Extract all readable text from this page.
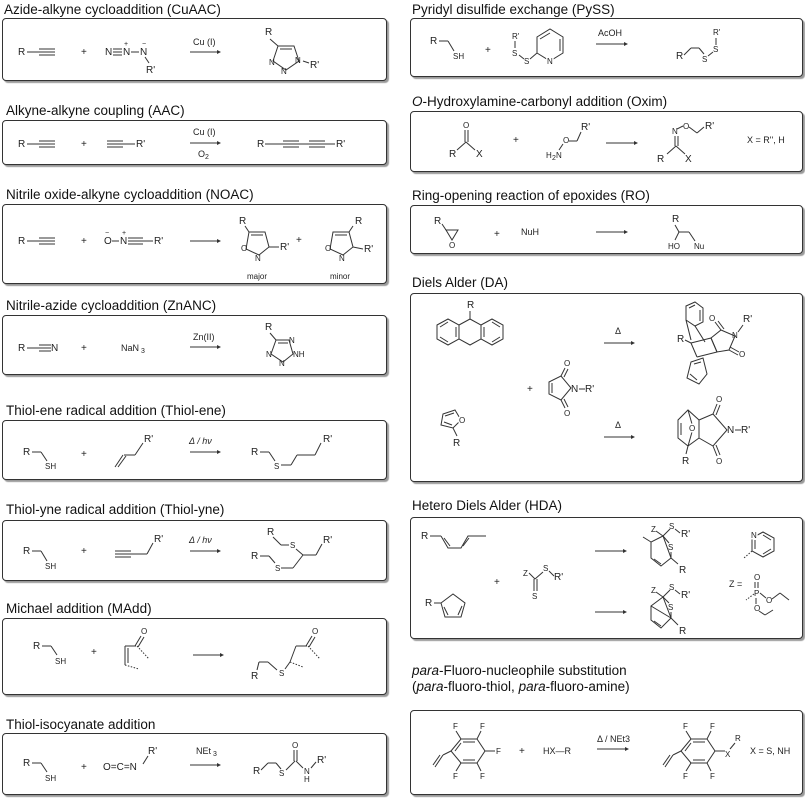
Azide-alkyne cycloaddition (CuAAC)
R	+ N N
+
N
−
R'
Cu (I)
R
N
N
N R'
Alkyne-alkyne coupling (AAC)
R	+	R'
Cu (I)
O 2
R	R'
Nitrile oxide-alkyne cycloaddition (NOAC)
R	+ O
−
N
+
R'
R
O
N
R'
major
+
R
O
N
R'
minor
Nitrile-azide cycloaddition (ZnANC)
R	N +	NaN 3
Zn(II)
R
N
NH
N
N
Thiol-ene radical addition (Thiol-ene)
R
SH
+
R'	Δ / hν
R
S
R'
Thiol-yne radical addition (Thiol-yne)
R
SH
+
R'	Δ / hν
R
S	R'
R
S
Michael addition (MAdd)
R
SH
+
O	O
S
R
Thiol-isocyanate addition
R
SH
+ O=C=N
R'	NEt 3
R S
O
N
H
R'
Pyridyl disulfide exchange (PySS)
R
SH
+
R'
S
S N
AcOH
R S
S
R'
O-Hydroxylamine-carbonyl addition (Oxim)
O
R X
+
H 2 N
O
R'	N
O R'
R X
X = R'', H
Ring-opening reaction of epoxides (RO)
R
O
+ NuH
R
HO Nu
Diels Alder (DA)
R
O
R
+
O
O
N R'
Δ
Δ
R
O
N
R'
O
O
R
O
O
N R'
Hetero Diels Alder (HDA)
R
R
+
Z
S
R'
S
Z S
R'
S
R
Z S
R'
S
R
Z =
N
O
P
O
O
para-Fluoro-nucleophile substitution
(para-fluoro-thiol, para-fluoro-amine)
F	F
F
F	F
+ HX—R
Δ / NEt3
F	F
X
R
F	F
X = S, NH
